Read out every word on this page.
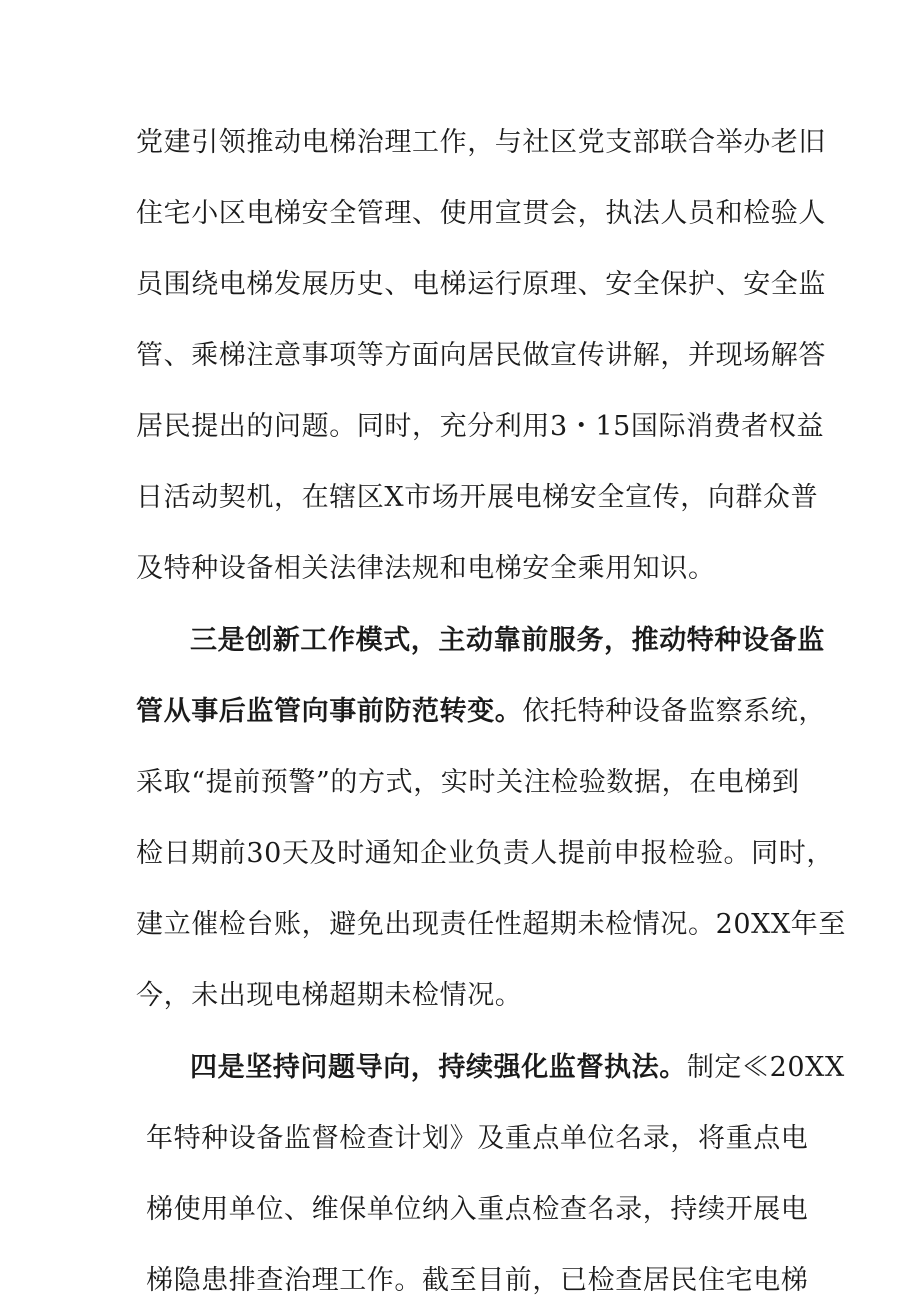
党建引领推动电梯治理工作，与社区党支部联合举办老旧
住宅小区电梯安全管理、使用宣贯会，执法人员和检验人
员围绕电梯发展历史、电梯运行原理、安全保护、安全监
管、乘梯注意事项等方面向居民做宣传讲解，并现场解答
居民提出的问题。同时，充分利用3・15国际消费者权益
日活动契机，在辖区X市场开展电梯安全宣传，向群众普
及特种设备相关法律法规和电梯安全乘用知识。
三是创新工作模式，主动靠前服务，推动特种设备监
管从事后监管向事前防范转变。依托特种设备监察系统，
采取“提前预警”的方式，实时关注检验数据，在电梯到
检日期前30天及时通知企业负责人提前申报检验。同时，
建立催检台账，避免出现责任性超期未检情况。20XX年至
今，未出现电梯超期未检情况。
四是坚持问题导向，持续强化监督执法。制定≪20XX
年特种设备监督检查计划》及重点单位名录，将重点电
梯使用单位、维保单位纳入重点检查名录，持续开展电
梯隐患排查治理工作。截至目前，已检查居民住宅电梯
